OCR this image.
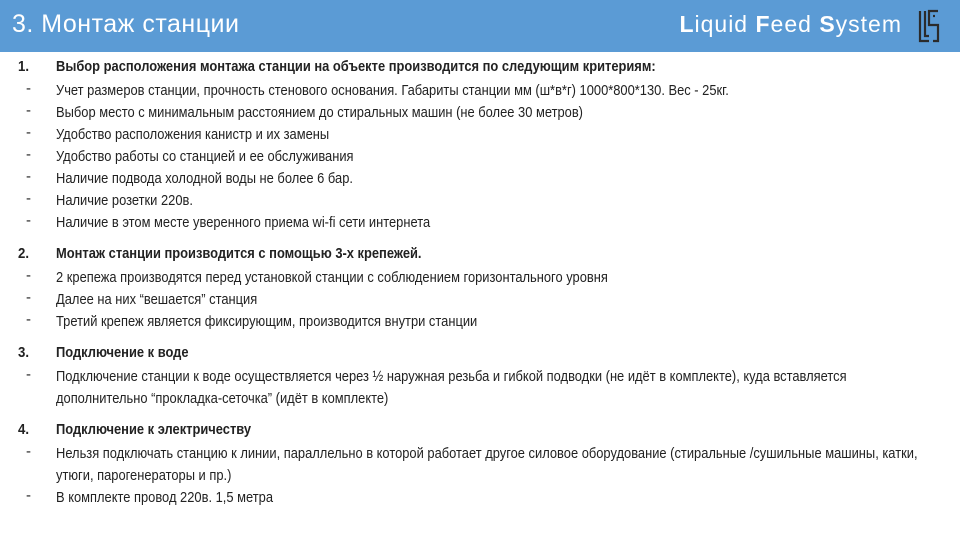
3. Монтаж станции	Liquid Feed System
1. Выбор расположения монтажа станции на объекте производится по следующим критериям:
- Учет размеров станции, прочность стенового основания. Габариты станции мм (ш*в*г) 1000*800*130. Вес - 25кг.
- Выбор место с минимальным расстоянием до стиральных машин (не более 30 метров)
- Удобство расположения канистр и их замены
- Удобство работы со станцией и ее обслуживания
- Наличие подвода холодной воды не более 6 бар.
- Наличие розетки 220в.
- Наличие в этом месте уверенного приема wi-fi сети интернета
2. Монтаж станции производится с помощью 3-х крепежей.
- 2 крепежа производятся перед установкой станции с соблюдением горизонтального уровня
- Далее на них “вешается” станция
- Третий крепеж является фиксирующим, производится внутри станции
3. Подключение к воде
- Подключение станции к воде осуществляется через ½ наружная резьба и гибкой подводки (не идёт в комплекте), куда вставляется дополнительно “прокладка-сеточка” (идёт в комплекте)
4. Подключение к электричеству
- Нельзя подключать станцию к линии, параллельно в которой работает другое силовое оборудование (стиральные /сушильные машины, катки, утюги, парогенераторы и пр.)
- В комплекте провод 220в. 1,5 метра
